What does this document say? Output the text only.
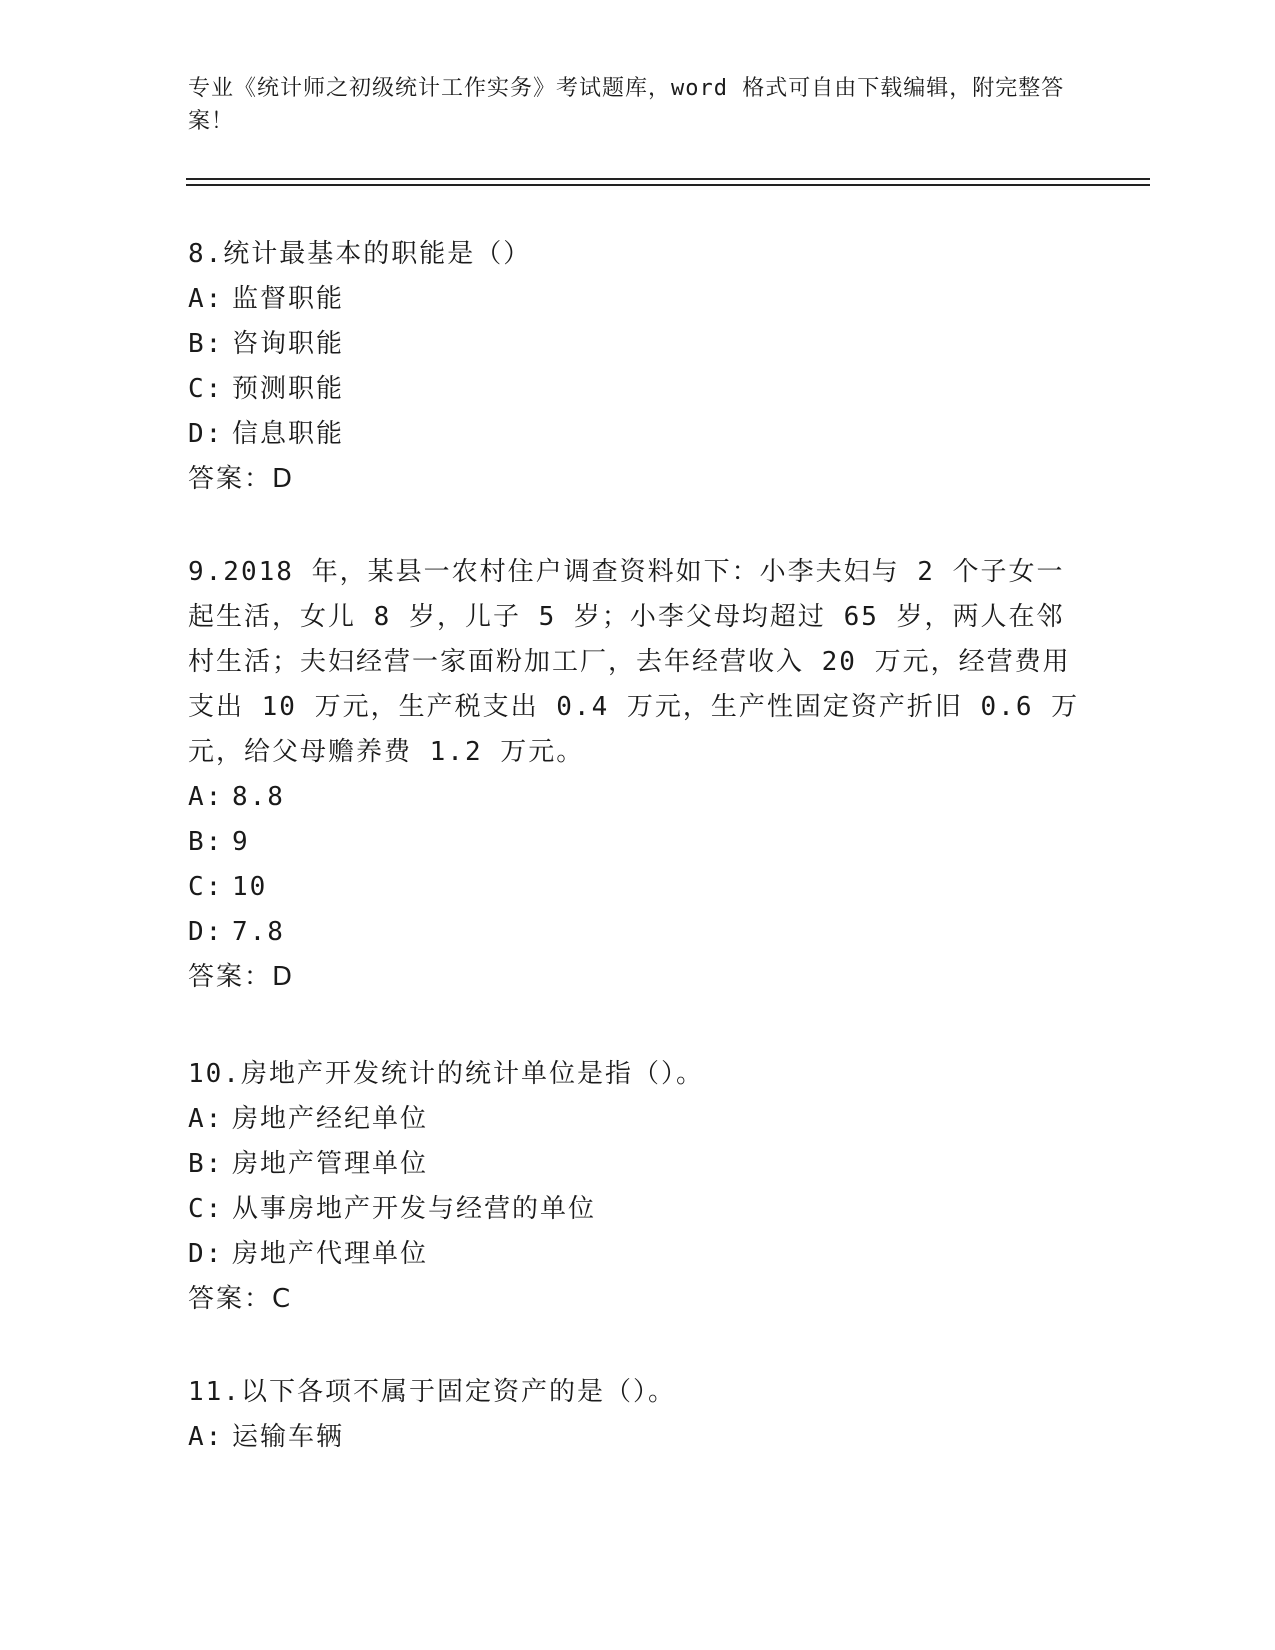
专业《统计师之初级统计工作实务》考试题库，word 格式可自由下载编辑，附完整答案！

8.统计最基本的职能是（）

A: 监督职能

B: 咨询职能

C: 预测职能

D: 信息职能

答案：D

9.2018 年，某县一农村住户调查资料如下：小李夫妇与 2 个子女一起生活，女儿 8 岁，儿子 5 岁；小李父母均超过 65 岁，两人在邻村生活；夫妇经营一家面粉加工厂，去年经营收入 20 万元，经营费用支出 10 万元，生产税支出 0.4 万元，生产性固定资产折旧 0.6 万元，给父母赡养费 1.2 万元。

A: 8.8

B: 9

C: 10

D: 7.8

答案：D

10.房地产开发统计的统计单位是指（）。

A: 房地产经纪单位

B: 房地产管理单位

C: 从事房地产开发与经营的单位

D: 房地产代理单位

答案：C

11.以下各项不属于固定资产的是（）。

A: 运输车辆
